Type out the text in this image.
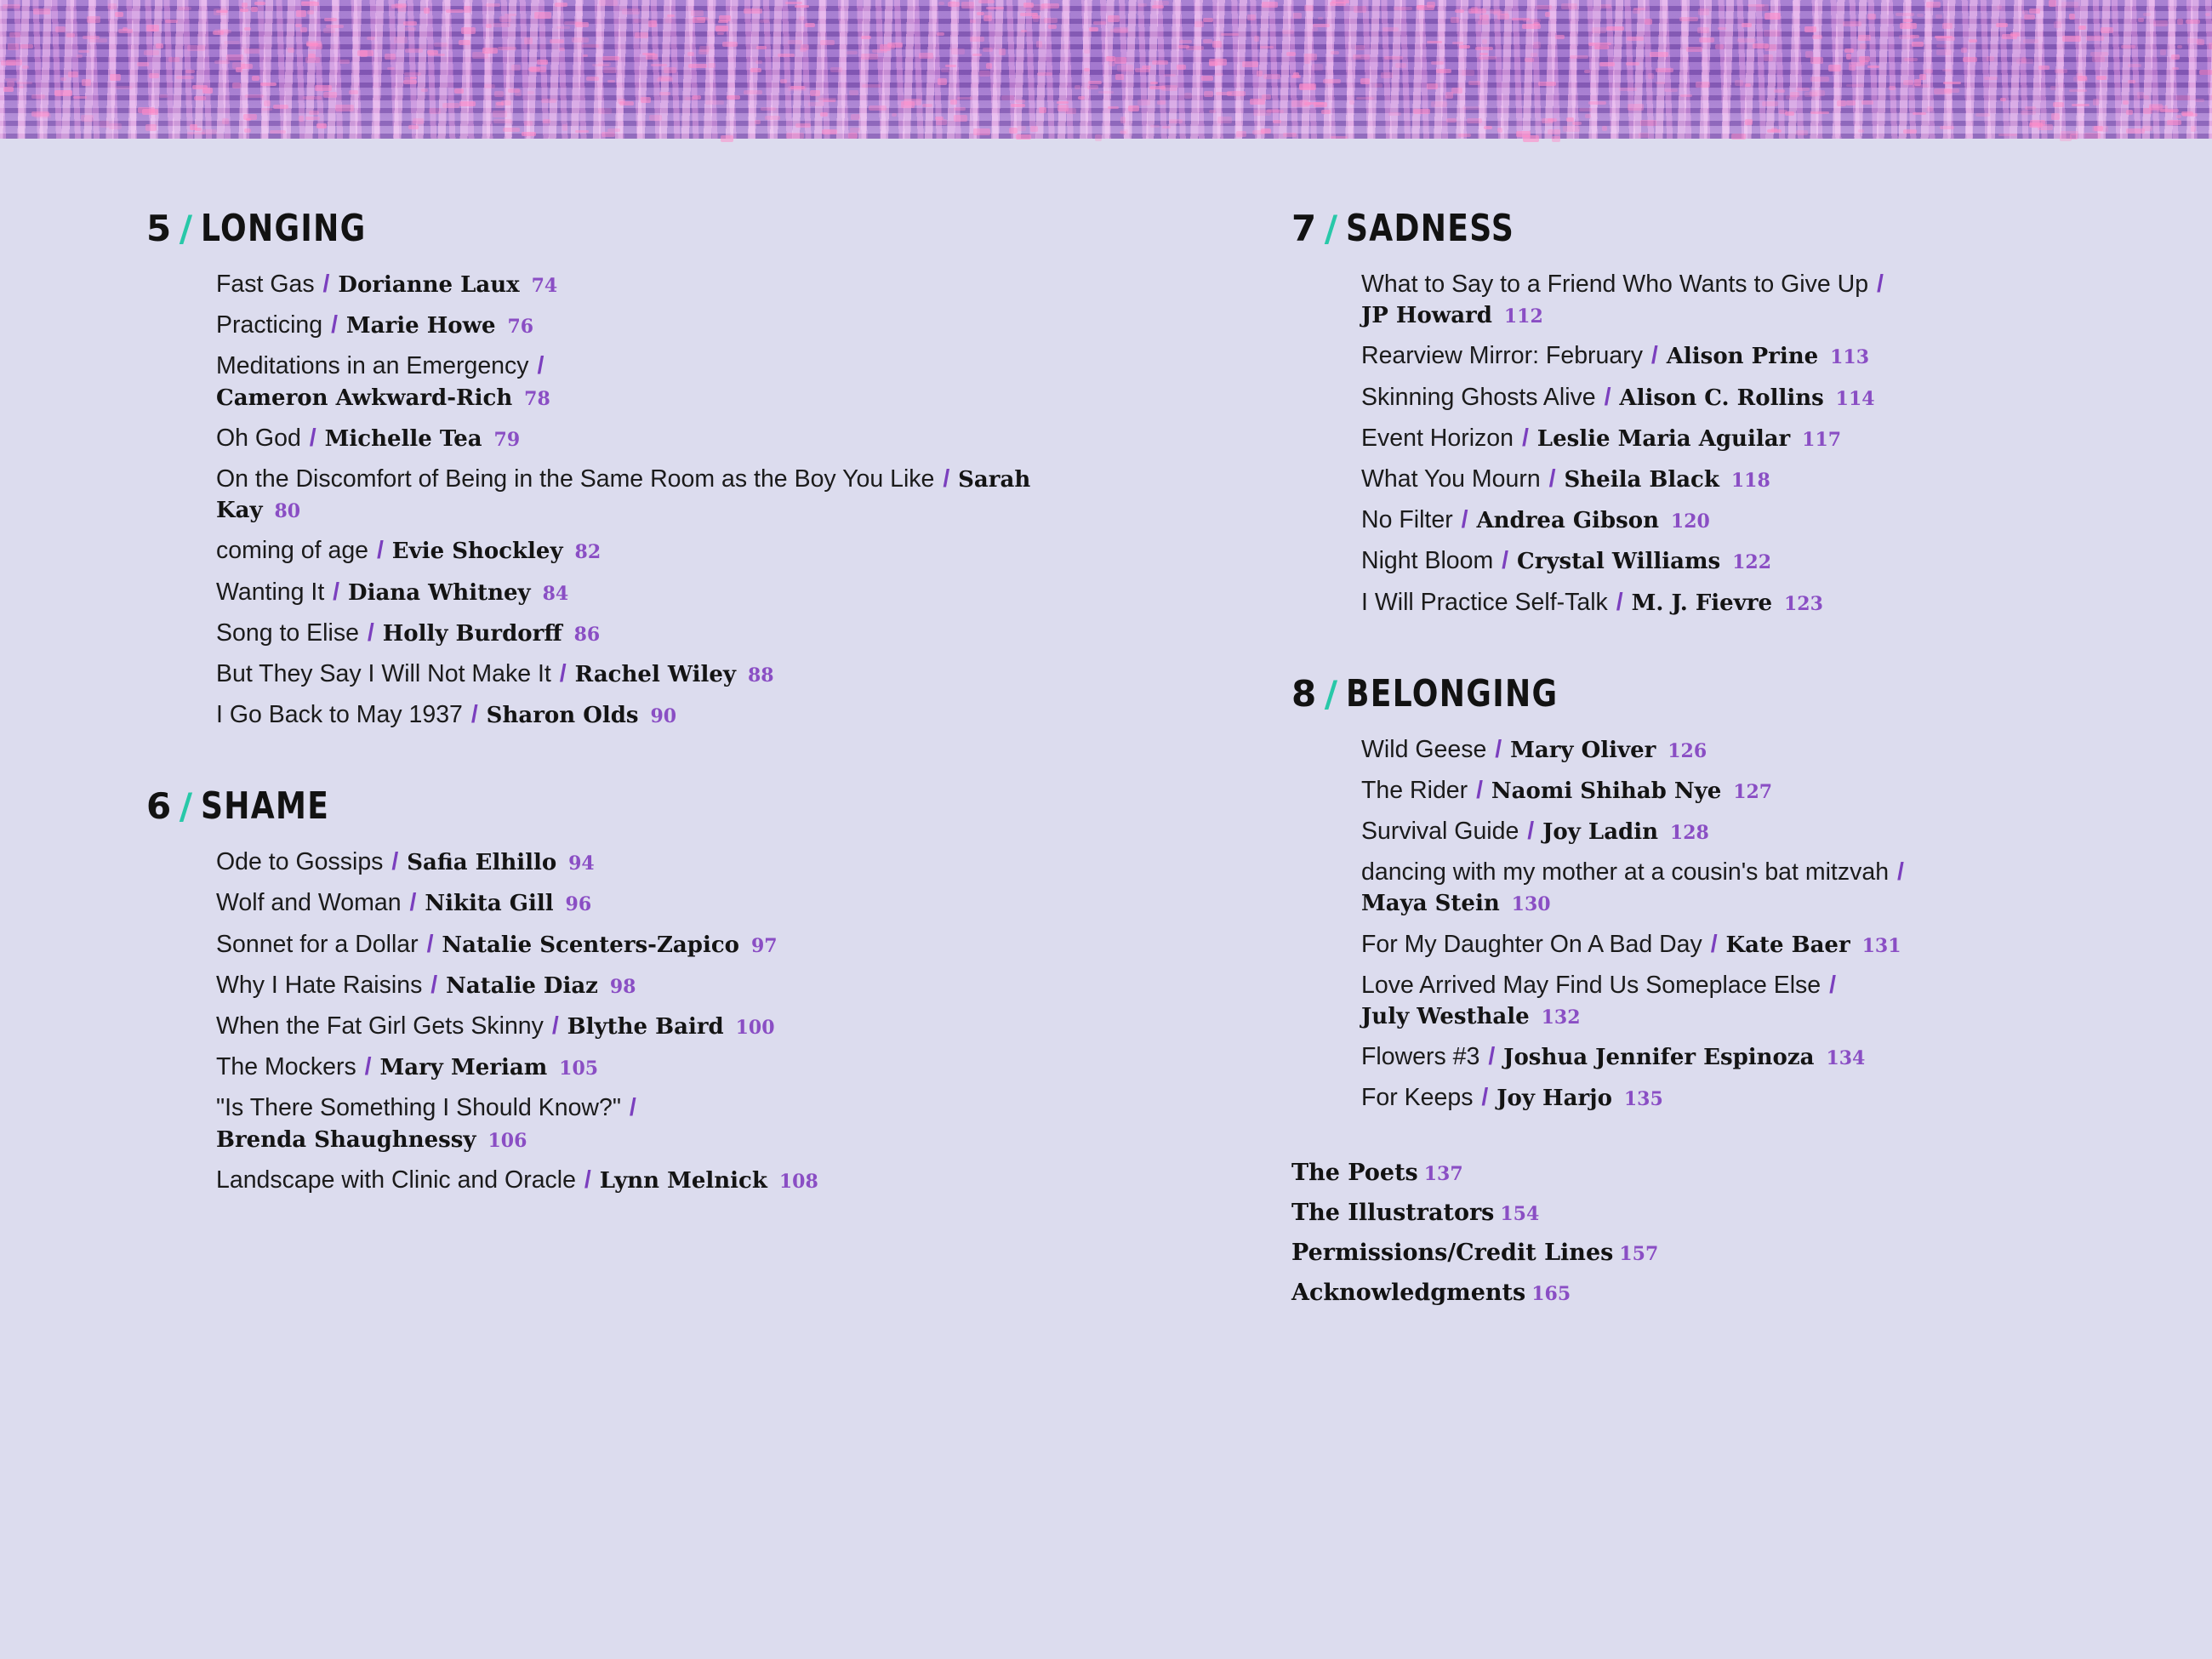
5 / LONGING
Fast Gas / Dorianne Laux 74
Practicing / Marie Howe 76
Meditations in an Emergency /
Cameron Awkward-Rich 78
Oh God / Michelle Tea 79
On the Discomfort of Being in the Same Room as the Boy You Like / Sarah Kay 80
coming of age / Evie Shockley 82
Wanting It / Diana Whitney 84
Song to Elise / Holly Burdorff 86
But They Say I Will Not Make It / Rachel Wiley 88
I Go Back to May 1937 / Sharon Olds 90
6 / SHAME
Ode to Gossips / Safia Elhillo 94
Wolf and Woman / Nikita Gill 96
Sonnet for a Dollar / Natalie Scenters-Zapico 97
Why I Hate Raisins / Natalie Diaz 98
When the Fat Girl Gets Skinny / Blythe Baird 100
The Mockers / Mary Meriam 105
"Is There Something I Should Know?" /
Brenda Shaughnessy 106
Landscape with Clinic and Oracle / Lynn Melnick 108
7 / SADNESS
What to Say to a Friend Who Wants to Give Up /
JP Howard 112
Rearview Mirror: February / Alison Prine 113
Skinning Ghosts Alive / Alison C. Rollins 114
Event Horizon / Leslie Maria Aguilar 117
What You Mourn / Sheila Black 118
No Filter / Andrea Gibson 120
Night Bloom / Crystal Williams 122
I Will Practice Self-Talk / M. J. Fievre 123
8 / BELONGING
Wild Geese / Mary Oliver 126
The Rider / Naomi Shihab Nye 127
Survival Guide / Joy Ladin 128
dancing with my mother at a cousin's bat mitzvah /
Maya Stein 130
For My Daughter On A Bad Day / Kate Baer 131
Love Arrived May Find Us Someplace Else /
July Westhale 132
Flowers #3 / Joshua Jennifer Espinoza 134
For Keeps / Joy Harjo 135
The Poets 137
The Illustrators 154
Permissions/Credit Lines 157
Acknowledgments 165
